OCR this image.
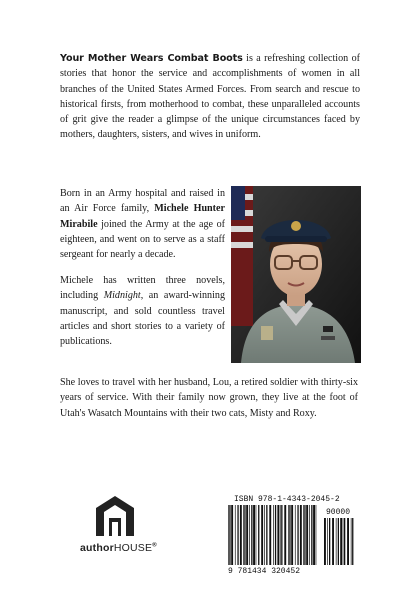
Your Mother Wears Combat Boots is a refreshing collection of stories that honor the service and accomplishments of women in all branches of the United States Armed Forces. From search and rescue to historical firsts, from motherhood to combat, these unparalleled accounts of grit give the reader a glimpse of the unique circumstances faced by mothers, daughters, sisters, and wives in uniform.

Born in an Army hospital and raised in an Air Force family, Michele Hunter Mirabile joined the Army at the age of eighteen, and went on to serve as a staff sergeant for nearly a decade.

Michele has written three novels, including Midnight, an award-winning manuscript, and sold countless travel articles and short stories to a variety of publications.

She loves to travel with her husband, Lou, a retired soldier with thirty-six years of service. With their family now grown, they live at the foot of Utah's Wasatch Mountains with their two cats, Misty and Roxy.

authorHOUSE®
ISBN 978-1-4343-2045-2
90000
9 781434 320452
